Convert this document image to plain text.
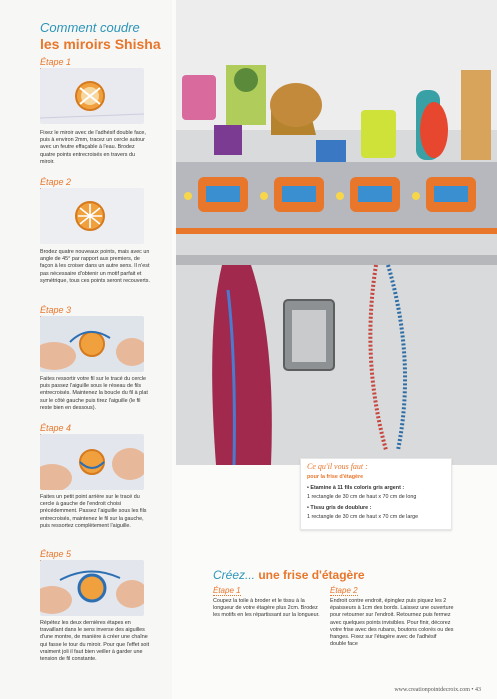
Comment coudre
les miroirs Shisha
Étape 1
Fixez le miroir avec de l'adhésif double face, puis à environ 2mm, tracez un cercle autour avec un feutre effaçable à l'eau. Brodez quatre points entrecroisés en travers du miroir.
Étape 2
Brodez quatre nouveaux points, mais avec un angle de 45° par rapport aux premiers, de façon à les croiser dans un autre sens. Il n'est pas nécessaire d'obtenir un motif parfait et symétrique, tous ces points seront recouverts.
Étape 3
Faites ressortir votre fil sur le tracé du cercle puis passez l'aiguille sous le réseau de fils entrecroisés. Maintenez la boucle du fil à plat sur le côté gauche puis tirez l'aiguille (le fil reste bien en dessous).
Étape 4
Faites un petit point arrière sur le tracé du cercle à gauche de l'endroit choisi précédemment. Passez l'aiguille sous les fils entrecroisés, maintenez le fil sur la gauche, puis ressortez complètement l'aiguille.
Étape 5
Répétez les deux dernières étapes en travaillant dans le sens inverse des aiguilles d'une montre, de manière à créer une chaîne qui fasse le tour du miroir. Pour que l'effet soit vraiment joli il faut bien veiller à garder une tension de fil constante.
Ce qu'il vous faut :
pour la frise d'étagère
• Etamine à 11 fils coloris gris argent :
1 rectangle de 30 cm de haut x 70 cm de long
• Tissu gris de doublure :
1 rectangle de 30 cm de haut x 70 cm de large
Créez... une frise d'étagère
Étape 1
Coupez la toile à broder et le tissu à la longueur de votre étagère plus 2cm. Brodez les motifs en les répartissant sur la longueur.
Étape 2
Endroit contre endroit, épinglez puis piquez les 2 épaisseurs à 1cm des bords. Laissez une ouverture pour retourner sur l'endroit. Retournez puis fermez avec quelques points invisibles. Pour finir, décorez votre frise avec des rubans, boutons colorés ou des franges. Fixez sur l'étagère avec de l'adhésif double face
www.creationpointdecroix.com • 43
